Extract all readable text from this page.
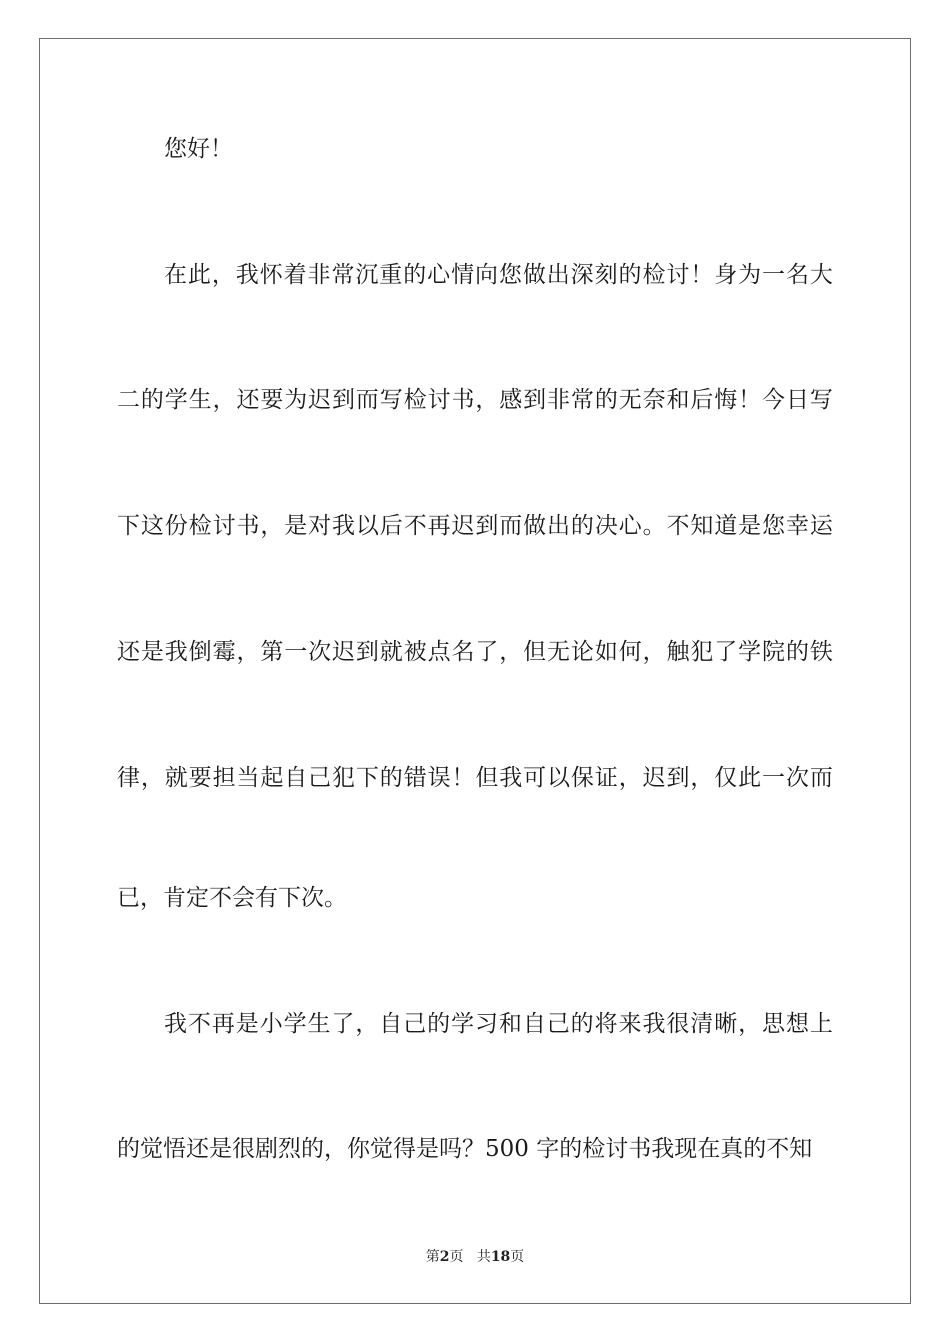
您好！
在 此 ， 我 怀 着 非 常 沉 重 的 心 情 向 您 做 出 深 刻 的 检 讨 ！ 身 为 一 名 大
二 的 学 生 ， 还 要 为 迟 到 而 写 检 讨 书 ， 感 到 非 常 的 无 奈 和 后 悔 ！ 今 日 写
下 这 份 检 讨 书 ， 是 对 我 以 后 不 再 迟 到 而 做 出 的 决 心 。 不 知 道 是 您 幸 运
还 是 我 倒 霉 ， 第 一 次 迟 到 就 被 点 名 了 ， 但 无 论 如 何 ， 触 犯 了 学 院 的 铁
律 ， 就 要 担 当 起 自 己 犯 下 的 错 误 ！ 但 我 可 以 保 证 ， 迟 到 ， 仅 此 一 次 而
已，肯定不会有下次。
我 不 再 是 小 学 生 了 ， 自 己 的 学 习 和 自 己 的 将 来 我 很 清 晰 ， 思 想 上
的觉悟还是很剧烈的，你觉得是吗？500 字的检讨书我现在真的不知
第2页 共18页
